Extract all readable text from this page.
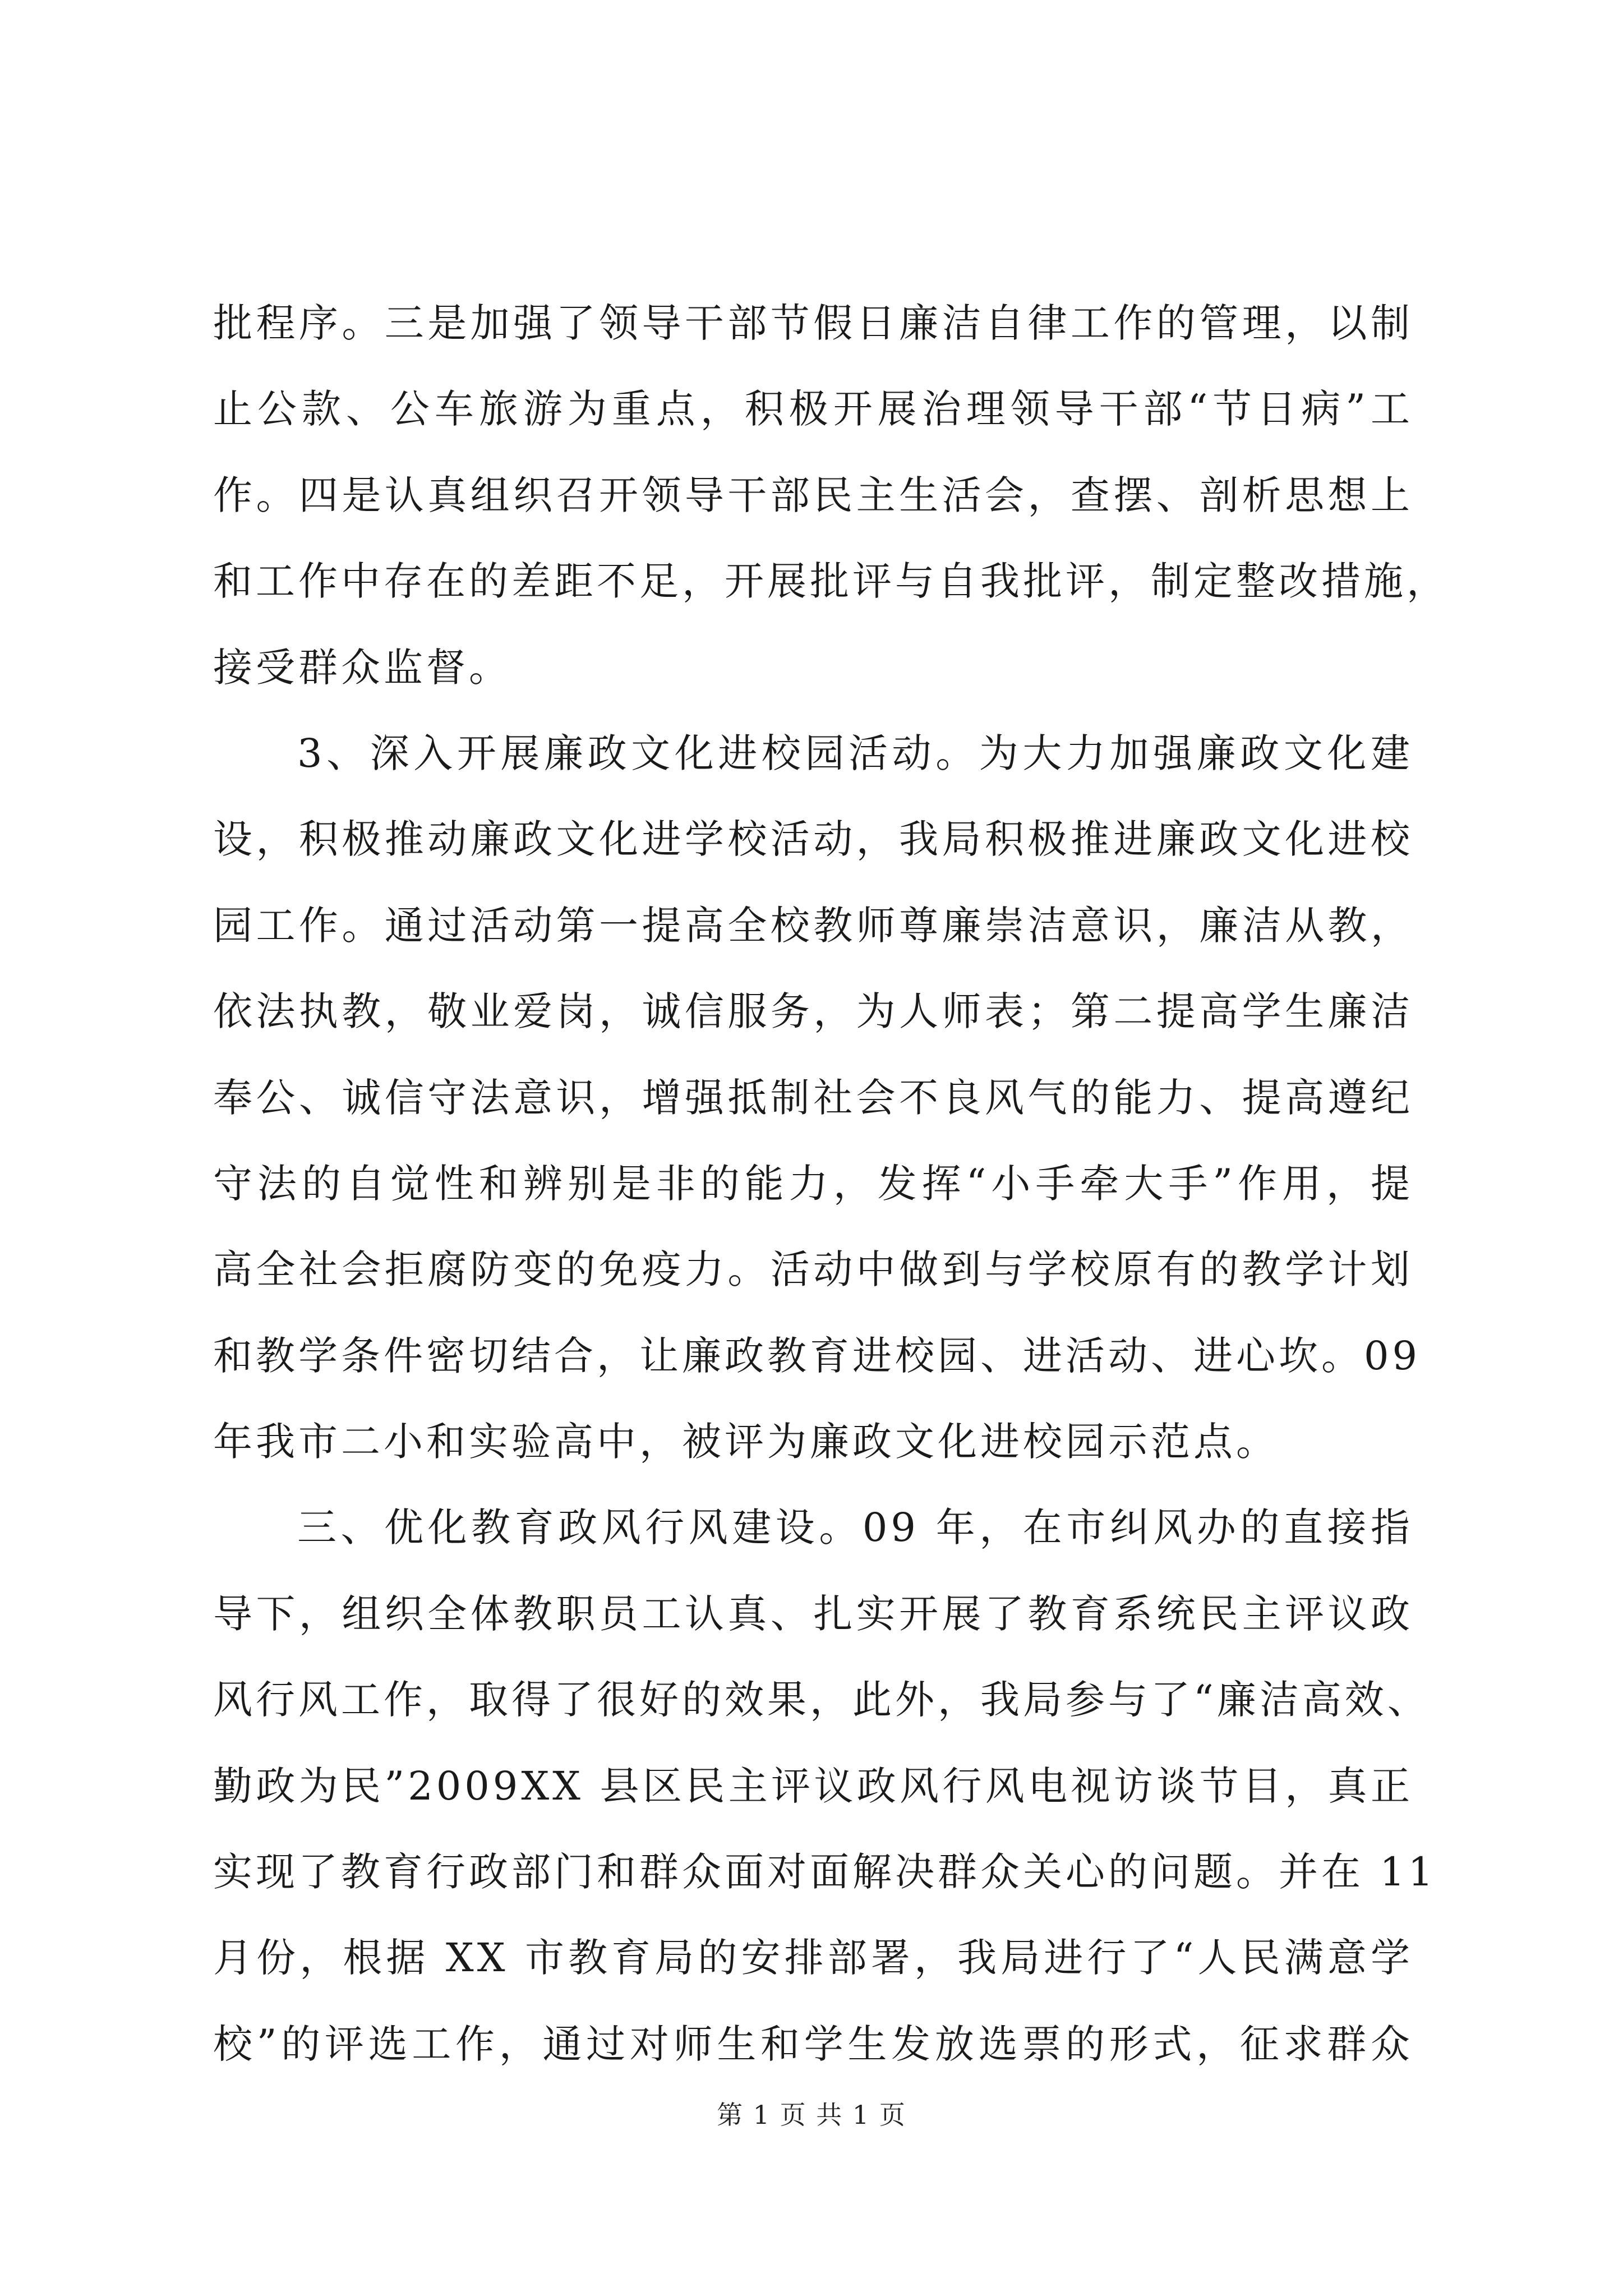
批程序。三是加强了领导干部节假日廉洁自律工作的管理，以制
止公款、公车旅游为重点，积极开展治理领导干部“节日病”工
作。四是认真组织召开领导干部民主生活会，查摆、剖析思想上
和工作中存在的差距不足，开展批评与自我批评，制定整改措施，
接受群众监督。
3、深入开展廉政文化进校园活动。为大力加强廉政文化建
设，积极推动廉政文化进学校活动，我局积极推进廉政文化进校
园工作。通过活动第一提高全校教师尊廉崇洁意识，廉洁从教，
依法执教，敬业爱岗，诚信服务，为人师表；第二提高学生廉洁
奉公、诚信守法意识，增强抵制社会不良风气的能力、提高遵纪
守法的自觉性和辨别是非的能力，发挥“小手牵大手”作用，提
高全社会拒腐防变的免疫力。活动中做到与学校原有的教学计划
和教学条件密切结合，让廉政教育进校园、进活动、进心坎。09
年我市二小和实验高中，被评为廉政文化进校园示范点。
三、优化教育政风行风建设。09 年，在市纠风办的直接指
导下，组织全体教职员工认真、扎实开展了教育系统民主评议政
风行风工作，取得了很好的效果，此外，我局参与了“廉洁高效、
勤政为民”2009XX 县区民主评议政风行风电视访谈节目，真正
实现了教育行政部门和群众面对面解决群众关心的问题。并在 11
月份，根据 XX 市教育局的安排部署，我局进行了“人民满意学
校”的评选工作，通过对师生和学生发放选票的形式，征求群众
第 1 页 共 1 页
